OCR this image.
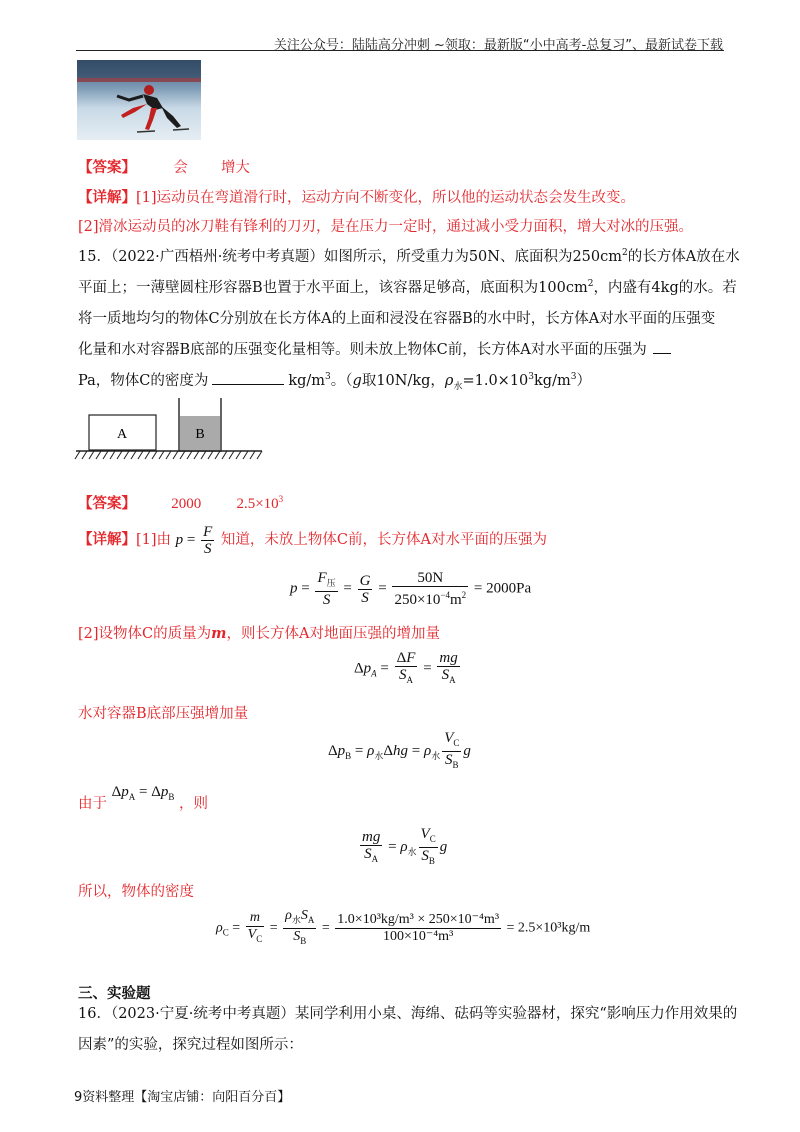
关注公众号：陆陆高分冲刺 ~领取：最新版“小中高考-总复习”、最新试卷下载
【答案】	会 增大
【详解】[1]运动员在弯道滑行时，运动方向不断变化，所以他的运动状态会发生改变。
[2]滑冰运动员的冰刀鞋有锋利的刀刃，是在压力一定时，通过减小受力面积，增大对冰的压强。
15．（2022·广西梧州·统考中考真题）如图所示，所受重力为50N、底面积为$250cm^2$的长方体A放在水
平面上；一薄壁圆柱形容器B也置于水平面上，该容器足够高，底面积为$100cm^2$，内盛有4kg的水。若
将一质地均匀的物体C分别放在长方体A的上面和浸没在容器B的水中时，长方体A对水平面的压强变
化量和水对容器B底部的压强变化量相等。则未放上物体C前，长方体A对水平面的压强为
Pa，物体C的密度为	$kg/m^3$。（g取10N/kg，$\rho_水=1.0\times 10^3kg/m^3$）
A	B
【答案】 2000 $2.5\times 10^3$
【详解】[1]由 $p = \frac{F}{S}$ 知道，未放上物体C前，长方体A对水平面的压强为
$p = \frac{F_压}{S} = \frac{G}{S} = \frac{50N}{250\times 10^{-4}m^2} = 2000Pa$
[2]设物体C的质量为m，则长方体A对地面压强的增加量
$\Delta p_A = \frac{\Delta F}{S_A} = \frac{mg}{S_A}$
水对容器B底部压强增加量
$\Delta p_B = \rho_水\Delta hg = \rho_水 \frac{V_C}{S_B}$ g
由于 $\Delta p_A = \Delta p_B$ ，则
$\frac{mg}{S_A} = \rho_水 \frac{V_C}{S_B}$ g
所以，物体的密度
$\rho_C = \frac{m}{V_C} = \frac{\rho_水S_A}{S_B} = \frac{\text{1.0×10³kg/m³ × 250×10⁻⁴m³}}{\text{100×10⁻⁴m³}} = 2.5\times 10^3kg/m$
三、实验题
16．（2023·宁夏·统考中考真题）某同学利用小桌、海绵、砝码等实验器材，探究“影响压力作用效果的
因素”的实验，探究过程如图所示：
9资料整理【淘宝店铺：向阳百分百】
